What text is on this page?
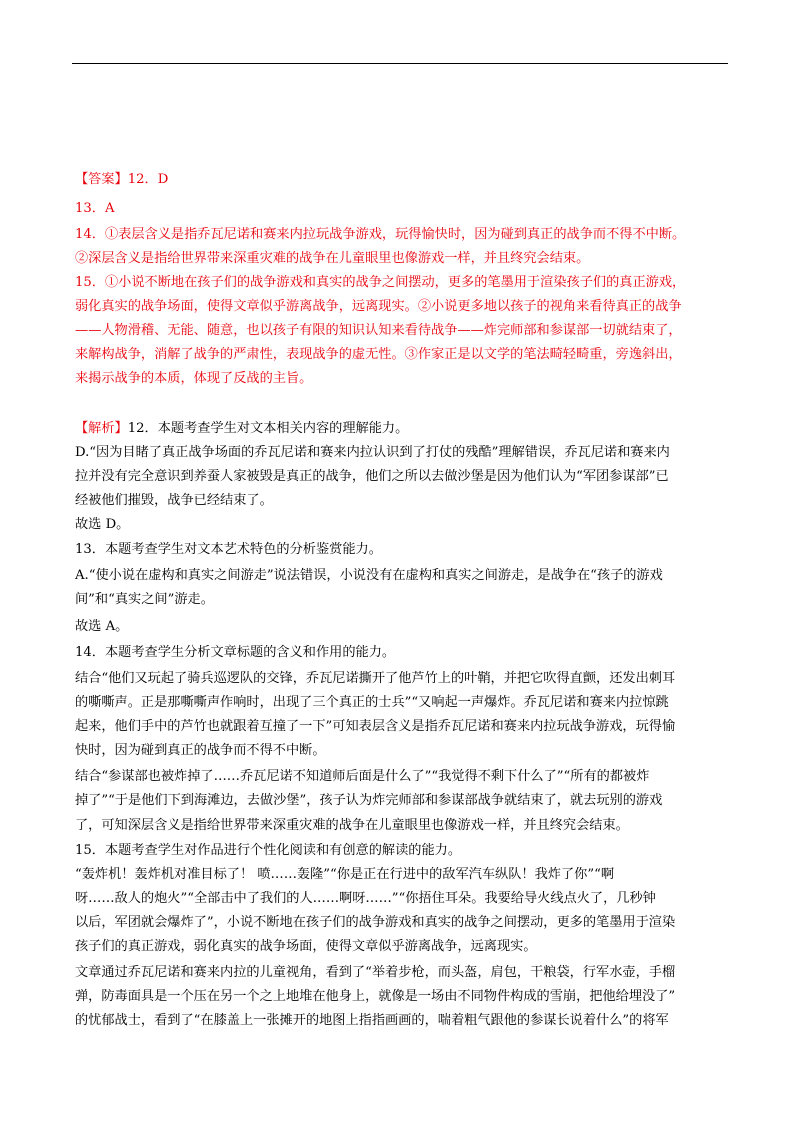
【答案】12．D
13．A
14．①表层含义是指乔瓦尼诺和赛来内拉玩战争游戏，玩得愉快时，因为碰到真正的战争而不得不中断。
②深层含义是指给世界带来深重灾难的战争在儿童眼里也像游戏一样，并且终究会结束。
15．①小说不断地在孩子们的战争游戏和真实的战争之间摆动，更多的笔墨用于渲染孩子们的真正游戏，
弱化真实的战争场面，使得文章似乎游离战争，远离现实。②小说更多地以孩子的视角来看待真正的战争
——人物滑稽、无能、随意，也以孩子有限的知识认知来看待战争——炸完师部和参谋部一切就结束了，
来解构战争，消解了战争的严肃性，表现战争的虚无性。③作家正是以文学的笔法畸轻畸重，旁逸斜出，
来揭示战争的本质，体现了反战的主旨。
【解析】12．本题考查学生对文本相关内容的理解能力。
D.“因为目睹了真正战争场面的乔瓦尼诺和赛来内拉认识到了打仗的残酷”理解错误，乔瓦尼诺和赛来内
拉并没有完全意识到养蚕人家被毁是真正的战争，他们之所以去做沙堡是因为他们认为“军团参谋部”已
经被他们摧毁，战争已经结束了。
故选 D。
13．本题考查学生对文本艺术特色的分析鉴赏能力。
A.“使小说在虚构和真实之间游走”说法错误，小说没有在虚构和真实之间游走，是战争在“孩子的游戏
间”和“真实之间”游走。
故选 A。
14．本题考查学生分析文章标题的含义和作用的能力。
结合“他们又玩起了骑兵巡逻队的交锋，乔瓦尼诺撕开了他芦竹上的叶鞘，并把它吹得直颤，还发出刺耳
的嘶嘶声。正是那嘶嘶声作响时，出现了三个真正的士兵”“又响起一声爆炸。乔瓦尼诺和赛来内拉惊跳
起来，他们手中的芦竹也就跟着互撞了一下”可知表层含义是指乔瓦尼诺和赛来内拉玩战争游戏，玩得愉
快时，因为碰到真正的战争而不得不中断。
结合“参谋部也被炸掉了……乔瓦尼诺不知道师后面是什么了”“我觉得不剩下什么了”“所有的都被炸
掉了”“于是他们下到海滩边，去做沙堡”，孩子认为炸完师部和参谋部战争就结束了，就去玩别的游戏
了，可知深层含义是指给世界带来深重灾难的战争在儿童眼里也像游戏一样，并且终究会结束。
15．本题考查学生对作品进行个性化阅读和有创意的解读的能力。
“轰炸机！轰炸机对准目标了！ 喷……轰隆”“你是正在行进中的敌军汽车纵队！我炸了你”“啊
呀……敌人的炮火”“全部击中了我们的人……啊呀……”“你捂住耳朵。我要给导火线点火了，几秒钟
以后，军团就会爆炸了”，小说不断地在孩子们的战争游戏和真实的战争之间摆动，更多的笔墨用于渲染
孩子们的真正游戏，弱化真实的战争场面，使得文章似乎游离战争，远离现实。
文章通过乔瓦尼诺和赛来内拉的儿童视角，看到了“举着步枪，而头盔，肩包，干粮袋，行军水壶，手榴
弹，防毒面具是一个压在另一个之上地堆在他身上，就像是一场由不同物件构成的雪崩，把他给埋没了”
的忧郁战士，看到了“在膝盖上一张摊开的地图上指指画画的，喘着粗气跟他的参谋长说着什么”的将军
